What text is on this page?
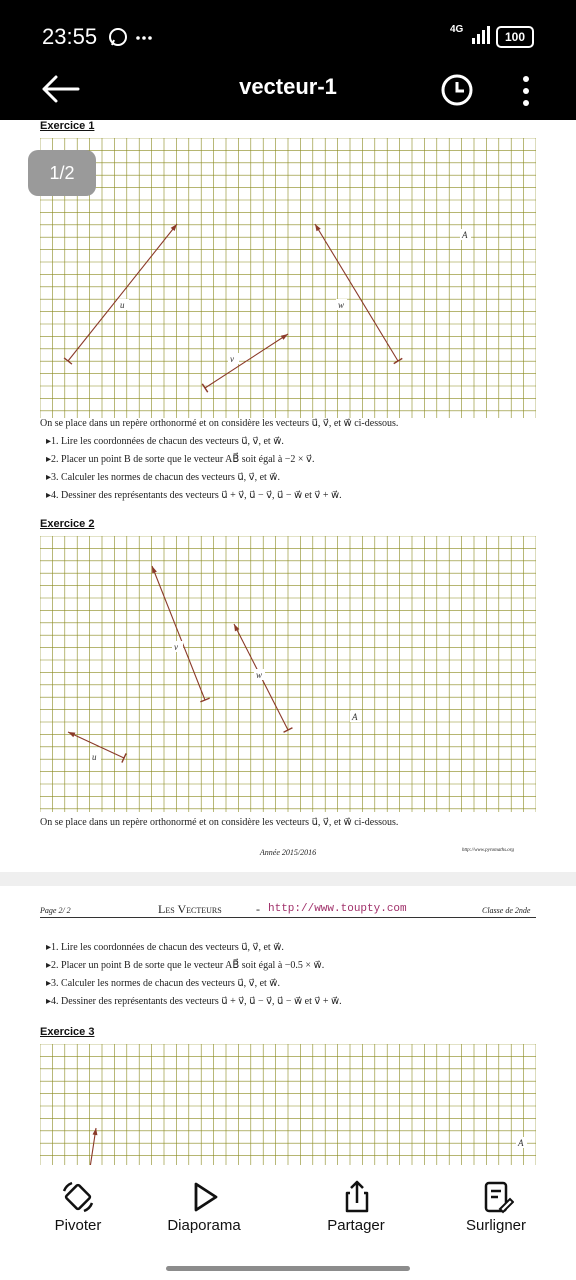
23:55	4G
100
vecteur-1
Exercice 1
u⃗
v⃗
w⃗
A
On se place dans un repère orthonormé et on considère les vecteurs u⃗, v⃗, et w⃗ ci-dessous.
▸1. Lire les coordonnées de chacun des vecteurs u⃗, v⃗, et w⃗.
▸2. Placer un point B de sorte que le vecteur AB⃗ soit égal à −2 × v⃗.
▸3. Calculer les normes de chacun des vecteurs u⃗, v⃗, et w⃗.
▸4. Dessiner des représentants des vecteurs u⃗ + v⃗, u⃗ − v⃗, u⃗ − w⃗ et v⃗ + w⃗.
Exercice 2
v⃗
w⃗
u⃗
A
On se place dans un repère orthonormé et on considère les vecteurs u⃗, v⃗, et w⃗ ci-dessous.
Année 2015/2016	http://www.pyromaths.org
Page 2/ 2	Les Vecteurs	- http://www.toupty.com	Classe de 2nde
▸1. Lire les coordonnées de chacun des vecteurs u⃗, v⃗, et w⃗.
▸2. Placer un point B de sorte que le vecteur AB⃗ soit égal à −0.5 × w⃗.
▸3. Calculer les normes de chacun des vecteurs u⃗, v⃗, et w⃗.
▸4. Dessiner des représentants des vecteurs u⃗ + v⃗, u⃗ − v⃗, u⃗ − w⃗ et v⃗ + w⃗.
Exercice 3
A
1/2
Pivoter	Diaporama	Partager	Surligner
